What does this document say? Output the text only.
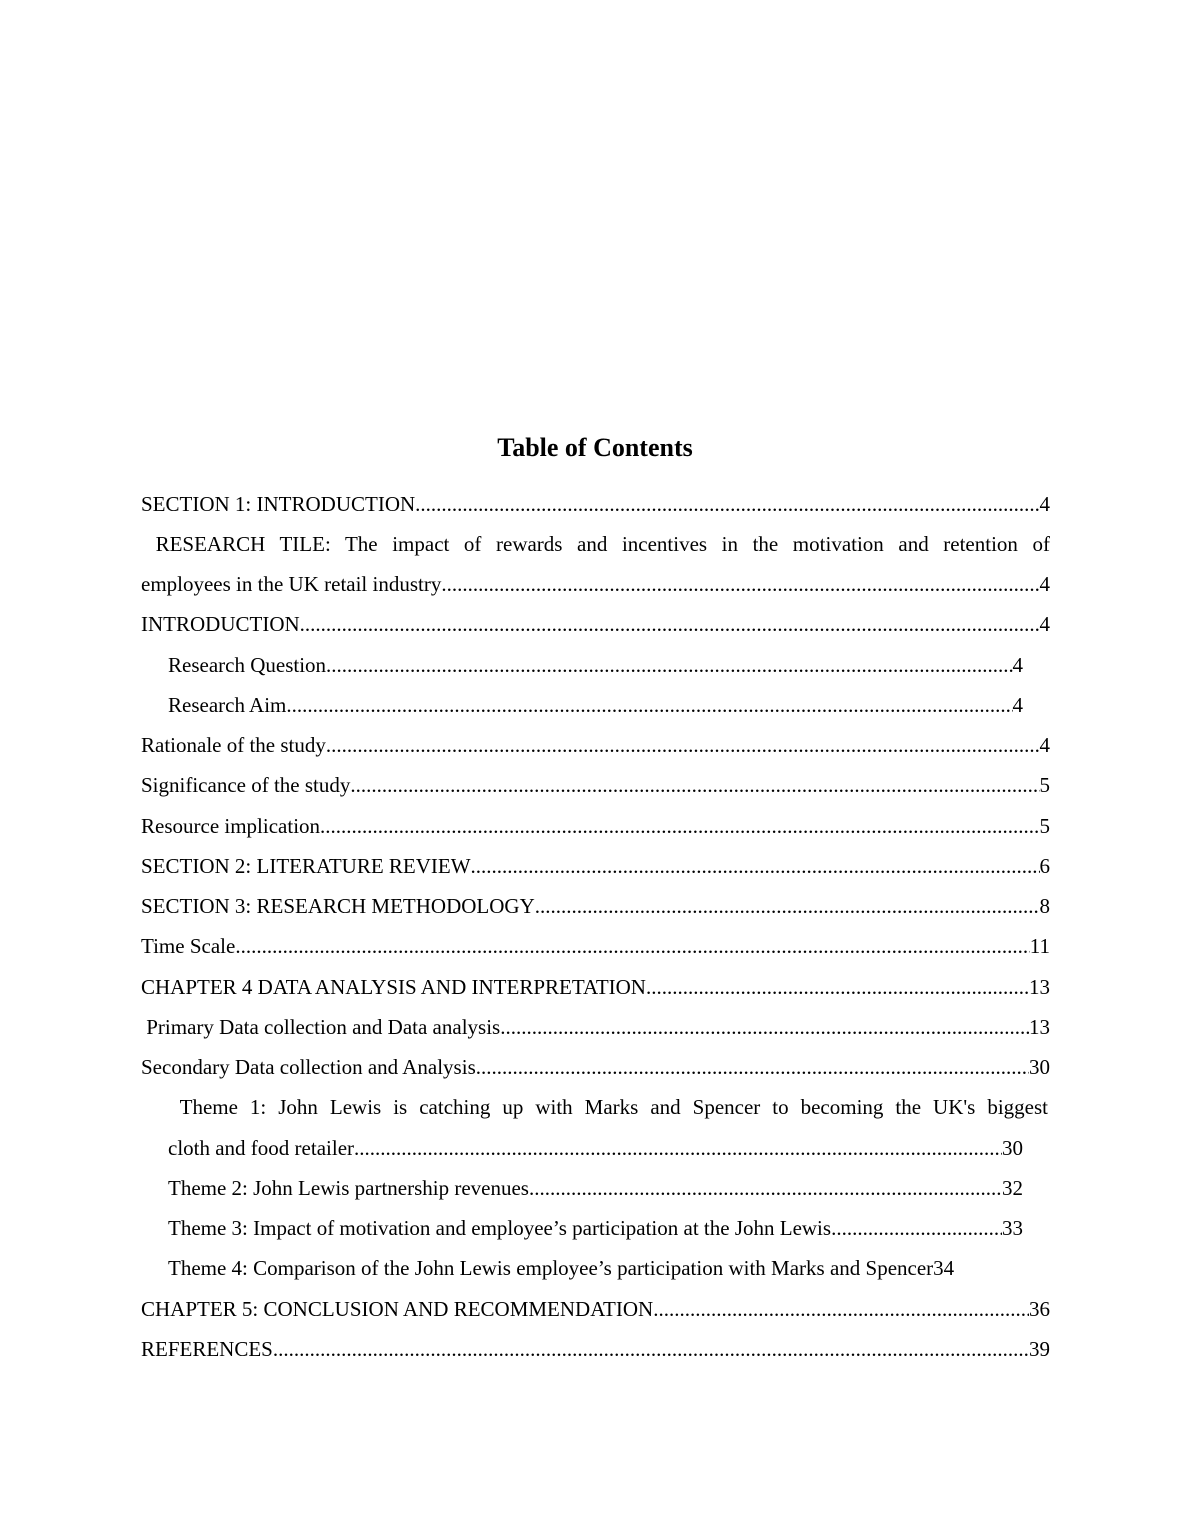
Table of Contents
SECTION 1: INTRODUCTION .....	4
RESEARCH TILE: The impact of rewards and incentives in the motivation and retention of
employees in the UK retail industry .....	4
INTRODUCTION .....	4
Research Question .....	4
Research Aim .....	4
Rationale of the study .....	4
Significance of the study .....	5
Resource implication .....	5
SECTION 2: LITERATURE REVIEW .....	6
SECTION 3: RESEARCH METHODOLOGY .....	8
Time Scale .....	11
CHAPTER 4 DATA ANALYSIS AND INTERPRETATION .....	13
Primary Data collection and Data analysis .....	13
Secondary Data collection and Analysis .....	30
Theme 1: John Lewis is catching up with Marks and Spencer to becoming the UK's biggest
cloth and food retailer .....	30
Theme 2: John Lewis partnership revenues .....	32
Theme 3: Impact of motivation and employee’s participation at the John Lewis .....	33
Theme 4: Comparison of the John Lewis employee’s participation with Marks and Spencer 34
CHAPTER 5: CONCLUSION AND RECOMMENDATION .....	36
REFERENCES .....	39
